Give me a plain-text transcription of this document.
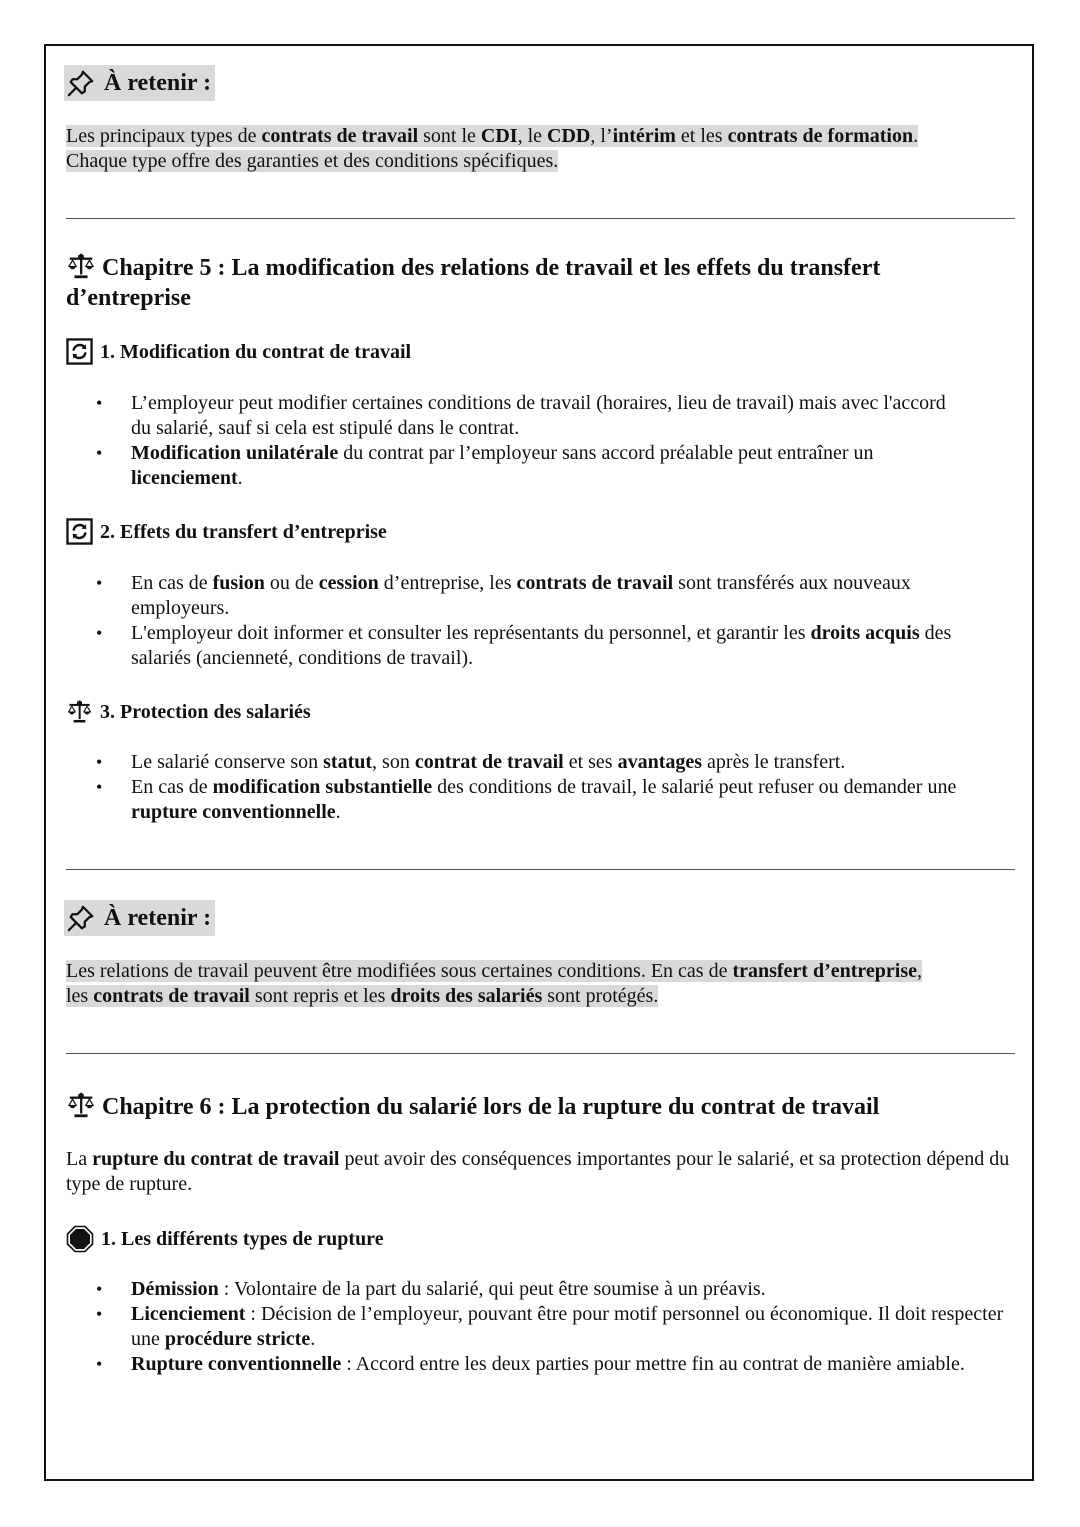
À retenir :
Les principaux types de contrats de travail sont le CDI, le CDD, l’intérim et les contrats de formation.
Chaque type offre des garanties et des conditions spécifiques.
Chapitre 5 : La modification des relations de travail et les effets du transfert
d’entreprise
1. Modification du contrat de travail
• L’employeur peut modifier certaines conditions de travail (horaires, lieu de travail) mais avec l'accord du salarié, sauf si cela est stipulé dans le contrat.
• Modification unilatérale du contrat par l’employeur sans accord préalable peut entraîner un licenciement.
2. Effets du transfert d’entreprise
• En cas de fusion ou de cession d’entreprise, les contrats de travail sont transférés aux nouveaux employeurs.
• L'employeur doit informer et consulter les représentants du personnel, et garantir les droits acquis des salariés (ancienneté, conditions de travail).
3. Protection des salariés
• Le salarié conserve son statut, son contrat de travail et ses avantages après le transfert.
• En cas de modification substantielle des conditions de travail, le salarié peut refuser ou demander une rupture conventionnelle.
À retenir :
Les relations de travail peuvent être modifiées sous certaines conditions. En cas de transfert d’entreprise,
les contrats de travail sont repris et les droits des salariés sont protégés.
Chapitre 6 : La protection du salarié lors de la rupture du contrat de travail
La rupture du contrat de travail peut avoir des conséquences importantes pour le salarié, et sa protection dépend du type de rupture.
1. Les différents types de rupture
• Démission : Volontaire de la part du salarié, qui peut être soumise à un préavis.
• Licenciement : Décision de l’employeur, pouvant être pour motif personnel ou économique. Il doit respecter une procédure stricte.
• Rupture conventionnelle : Accord entre les deux parties pour mettre fin au contrat de manière amiable.
